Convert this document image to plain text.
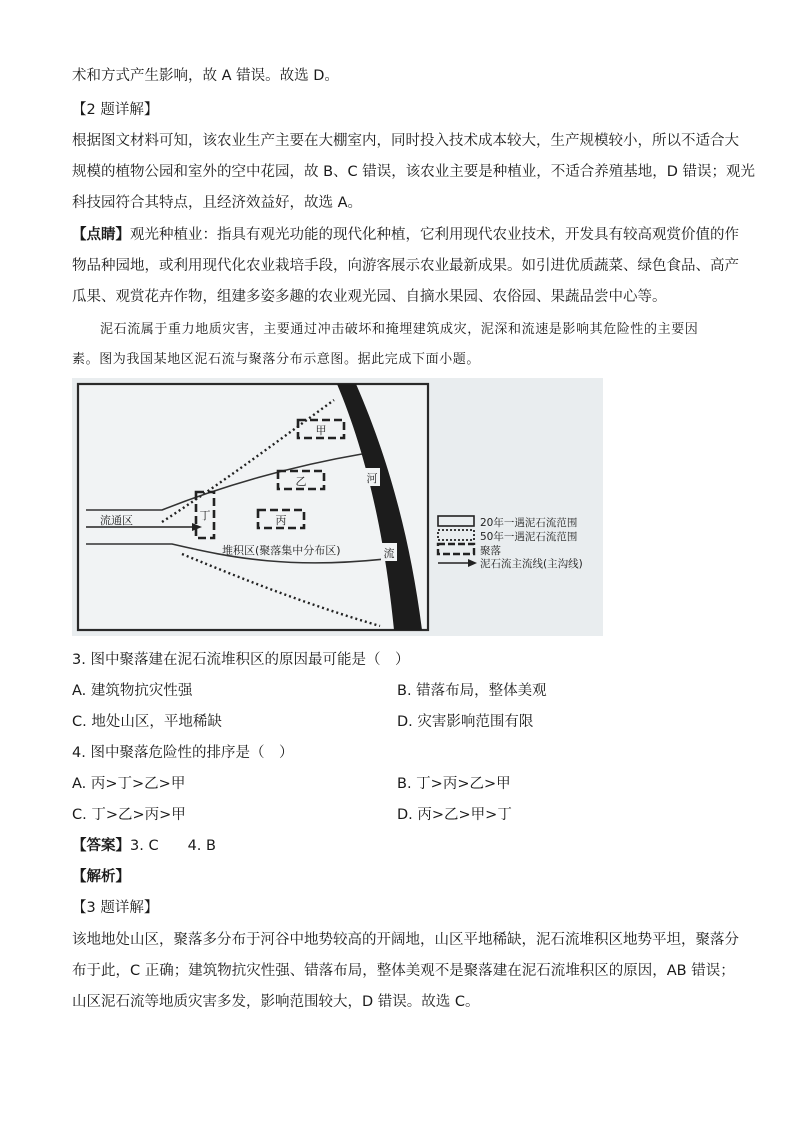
术和方式产生影响，故 A 错误。故选 D。
【2 题详解】
根据图文材料可知，该农业生产主要在大棚室内，同时投入技术成本较大，生产规模较小，所以不适合大
规模的植物公园和室外的空中花园，故 B、C 错误，该农业主要是种植业，不适合养殖基地，D 错误；观光
科技园符合其特点，且经济效益好，故选 A。
【点睛】观光种植业：指具有观光功能的现代化种植，它利用现代农业技术，开发具有较高观赏价值的作
物品种园地，或利用现代化农业栽培手段，向游客展示农业最新成果。如引进优质蔬菜、绿色食品、高产
瓜果、观赏花卉作物，组建多姿多趣的农业观光园、自摘水果园、农俗园、果蔬品尝中心等。
泥石流属于重力地质灾害，主要通过冲击破坏和掩埋建筑成灾，泥深和流速是影响其危险性的主要因
素。图为我国某地区泥石流与聚落分布示意图。据此完成下面小题。
甲
乙
丙
丁
流通区
堆积区(聚落集中分布区)
河
流
20年一遇泥石流范围
50年一遇泥石流范围
聚落
泥石流主流线(主沟线)
3. 图中聚落建在泥石流堆积区的原因最可能是（　）
A. 建筑物抗灾性强	B. 错落布局，整体美观
C. 地处山区，平地稀缺	D. 灾害影响范围有限
4. 图中聚落危险性的排序是（　）
A. 丙>丁>乙>甲	B. 丁>丙>乙>甲
C. 丁>乙>丙>甲	D. 丙>乙>甲>丁
【答案】3. C　　4. B
【解析】
【3 题详解】
该地地处山区，聚落多分布于河谷中地势较高的开阔地，山区平地稀缺，泥石流堆积区地势平坦，聚落分
布于此，C 正确；建筑物抗灾性强、错落布局，整体美观不是聚落建在泥石流堆积区的原因，AB 错误；
山区泥石流等地质灾害多发，影响范围较大，D 错误。故选 C。
